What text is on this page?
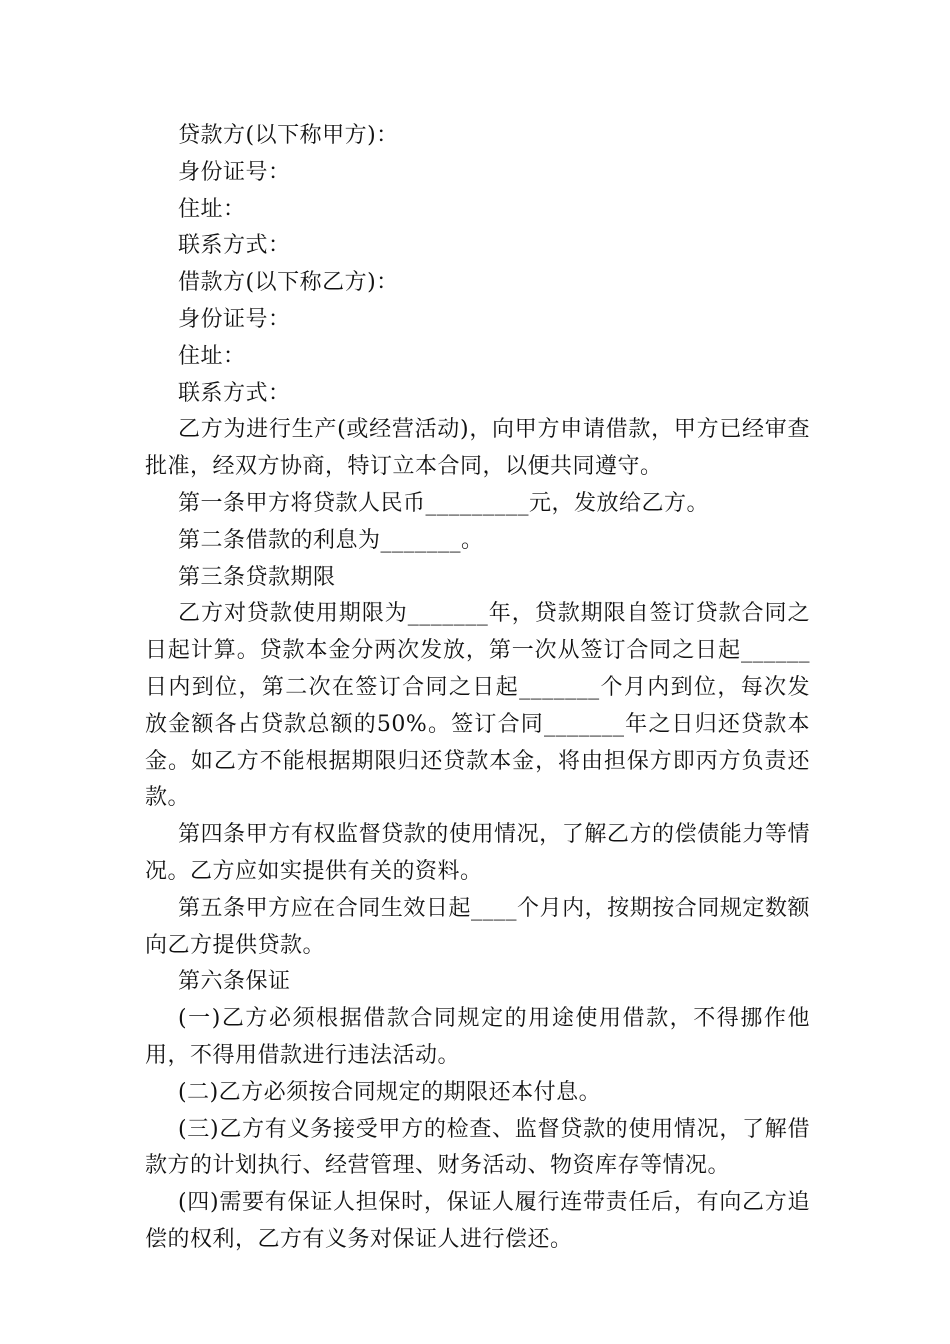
贷款方(以下称甲方)：

身份证号：

住址：

联系方式：

借款方(以下称乙方)：

身份证号：

住址：

联系方式：

乙方为进行生产(或经营活动)，向甲方申请借款，甲方已经审查批准，经双方协商，特订立本合同，以便共同遵守。

第一条甲方将贷款人民币_________元，发放给乙方。

第二条借款的利息为_______。

第三条贷款期限

乙方对贷款使用期限为_______年，贷款期限自签订贷款合同之日起计算。贷款本金分两次发放，第一次从签订合同之日起______日内到位，第二次在签订合同之日起_______个月内到位，每次发放金额各占贷款总额的50%。签订合同_______年之日归还贷款本金。如乙方不能根据期限归还贷款本金，将由担保方即丙方负责还款。

第四条甲方有权监督贷款的使用情况，了解乙方的偿债能力等情况。乙方应如实提供有关的资料。

第五条甲方应在合同生效日起____个月内，按期按合同规定数额向乙方提供贷款。

第六条保证

(一)乙方必须根据借款合同规定的用途使用借款，不得挪作他用，不得用借款进行违法活动。

(二)乙方必须按合同规定的期限还本付息。

(三)乙方有义务接受甲方的检查、监督贷款的使用情况，了解借款方的计划执行、经营管理、财务活动、物资库存等情况。

(四)需要有保证人担保时，保证人履行连带责任后，有向乙方追偿的权利，乙方有义务对保证人进行偿还。
